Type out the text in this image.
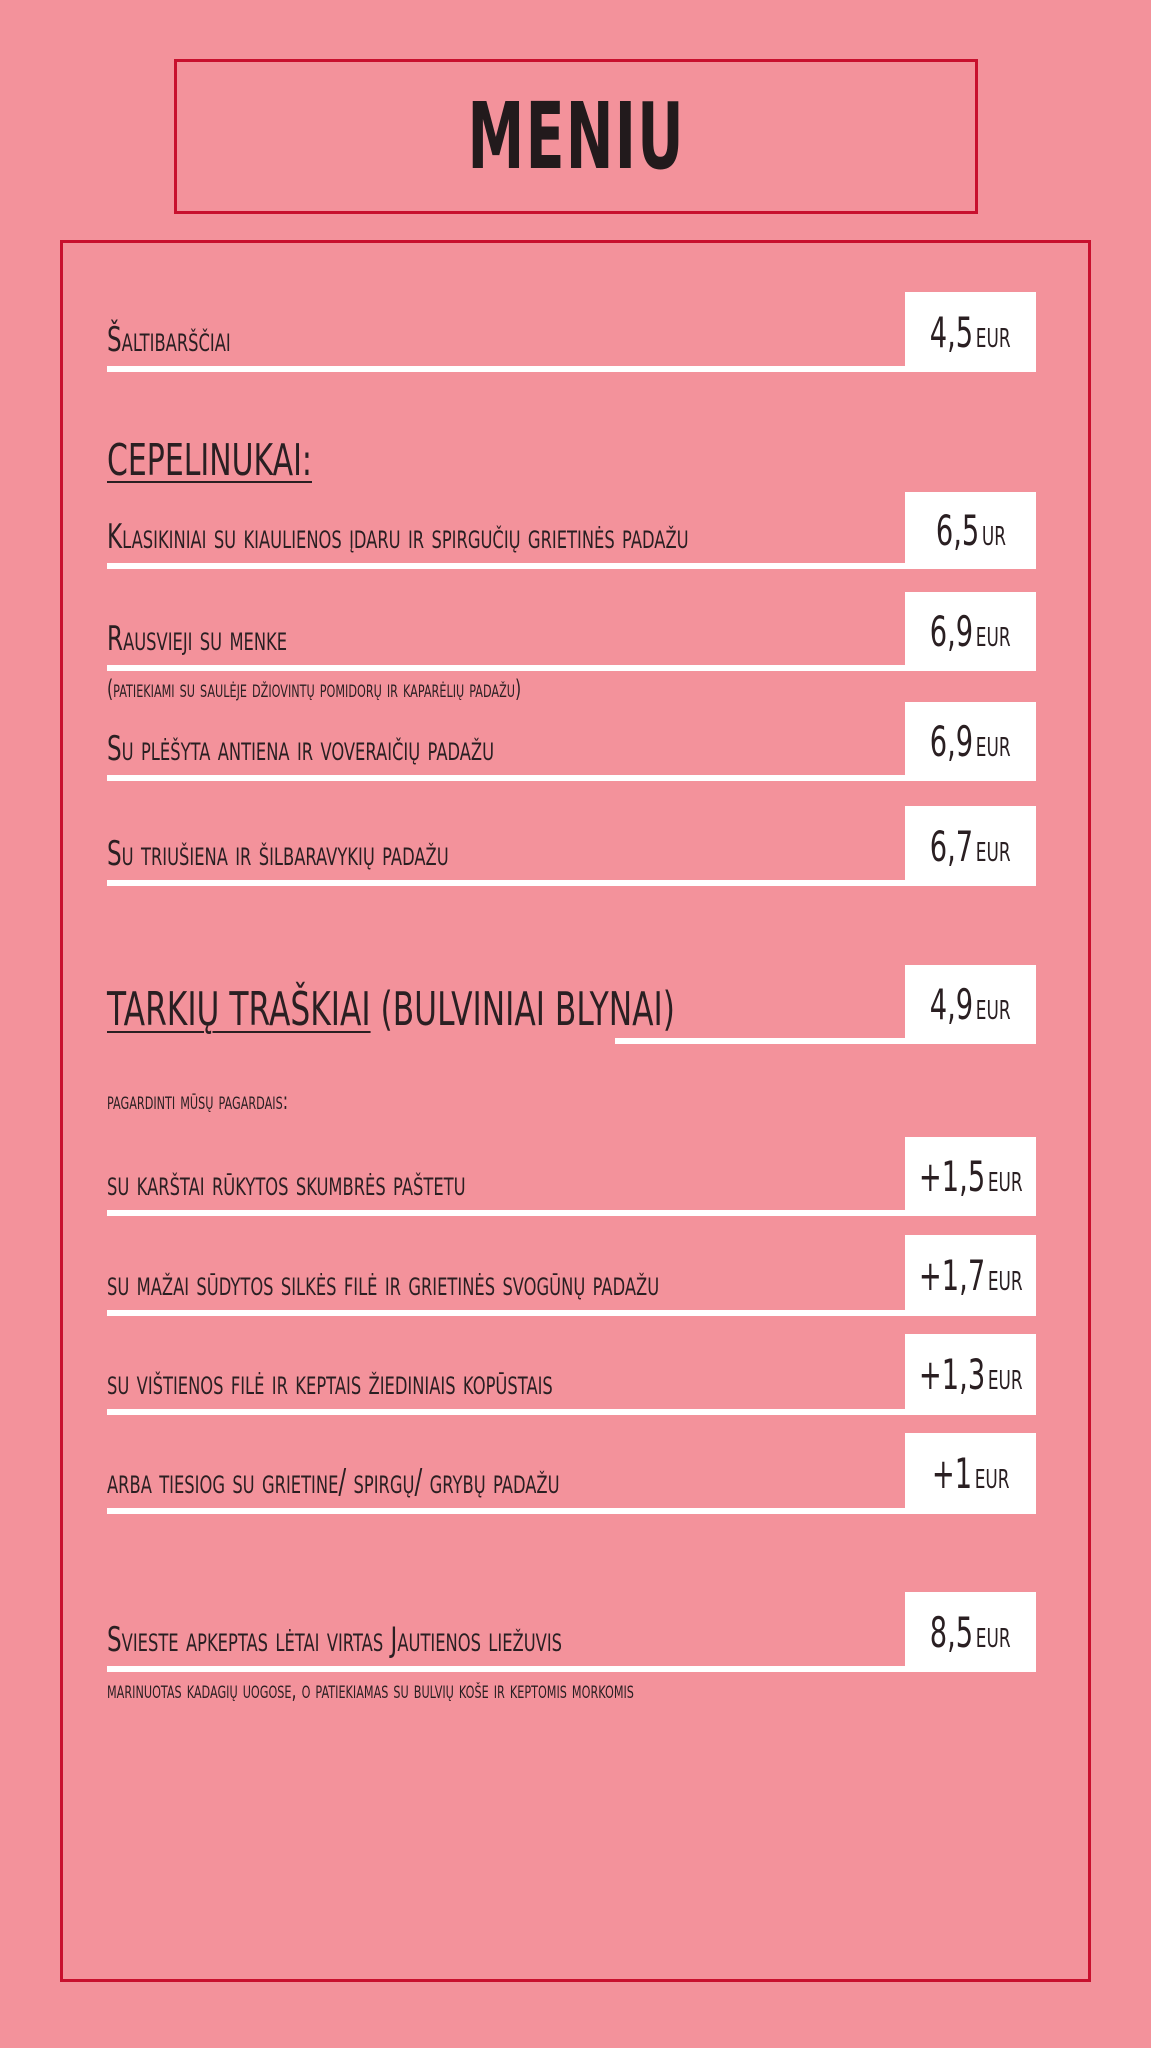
MENIU
Šaltibarščiai	4,5EUR
CEPELINUKAI:
Klasikiniai su kiaulienos įdaru ir spirgučių grietinės padažu	6,5UR
Rausvieji su menke	6,9EUR
(patiekiami su saulėje džiovintų pomidorų ir kaparėlių padažu)
Su plėšyta antiena ir voveraičių padažu	6,9EUR
Su triušiena ir šilbaravykių padažu	6,7EUR
TARKIŲ TRAŠKIAI (BULVINIAI BLYNAI)	4,9EUR
pagardinti mūsų pagardais:
su karštai rūkytos skumbrės paštetu	+1,5 EUR
su mažai sūdytos silkės filė ir grietinės svogūnų padažu	+1,7 EUR
su vištienos filė ir keptais žiediniais kopūstais	+1,3 EUR
arba tiesiog su grietine/ spirgų/ grybų padažu	+1 EUR
Svieste apkeptas lėtai virtas Jautienos liežuvis	8,5EUR
marinuotas kadagių uogose, o patiekiamas su bulvių koše ir keptomis morkomis
